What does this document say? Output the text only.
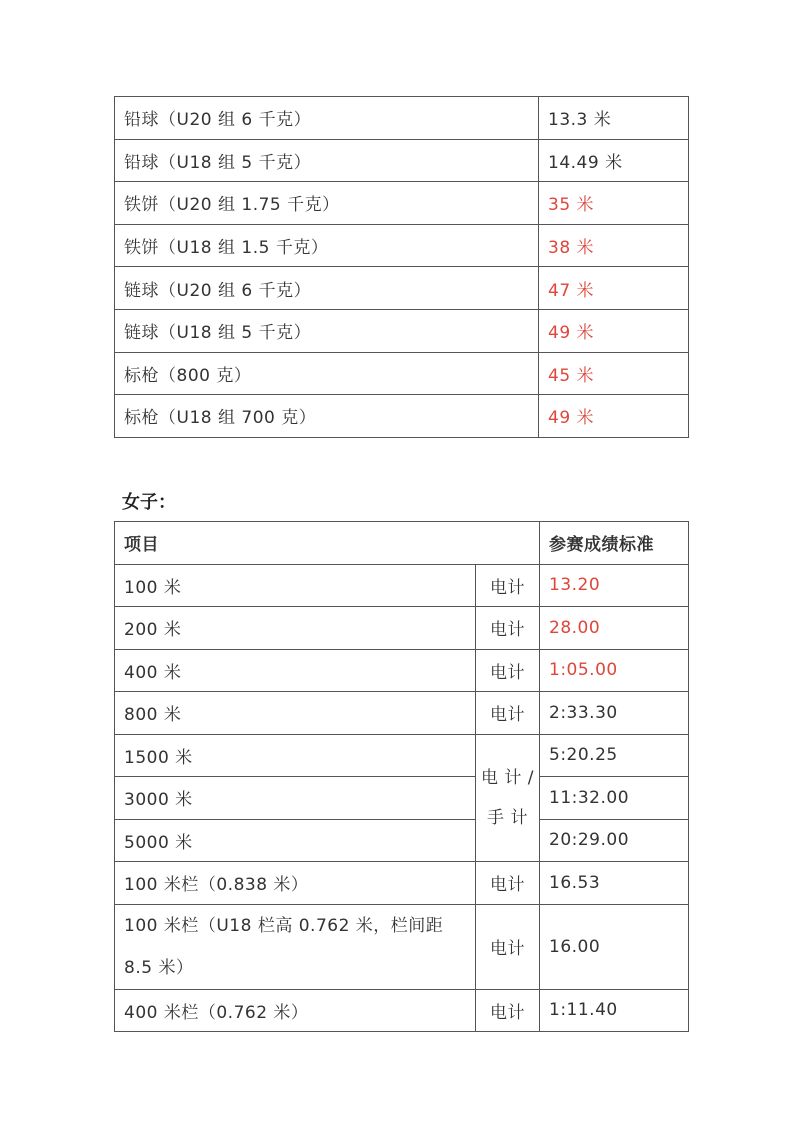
铅球（U20 组 6 千克）	13.3 米
铅球（U18 组 5 千克）	14.49 米
铁饼（U20 组 1.75 千克）	35 米
铁饼（U18 组 1.5 千克）	38 米
链球（U20 组 6 千克）	47 米
链球（U18 组 5 千克）	49 米
标枪（800 克）	45 米
标枪（U18 组 700 克）	49 米
女子：
项目		参赛成绩标准
100 米	电计	13.20
200 米	电计	28.00
400 米	电计	1:05.00
800 米	电计	2:33.30
1500 米	电 计 / 手 计	5:20.25
3000 米		11:32.00
5000 米		20:29.00
100 米栏（0.838 米）	电计	16.53
100 米栏（U18 栏高 0.762 米，栏间距 8.5 米）	电计	16.00
400 米栏（0.762 米）	电计	1:11.40
